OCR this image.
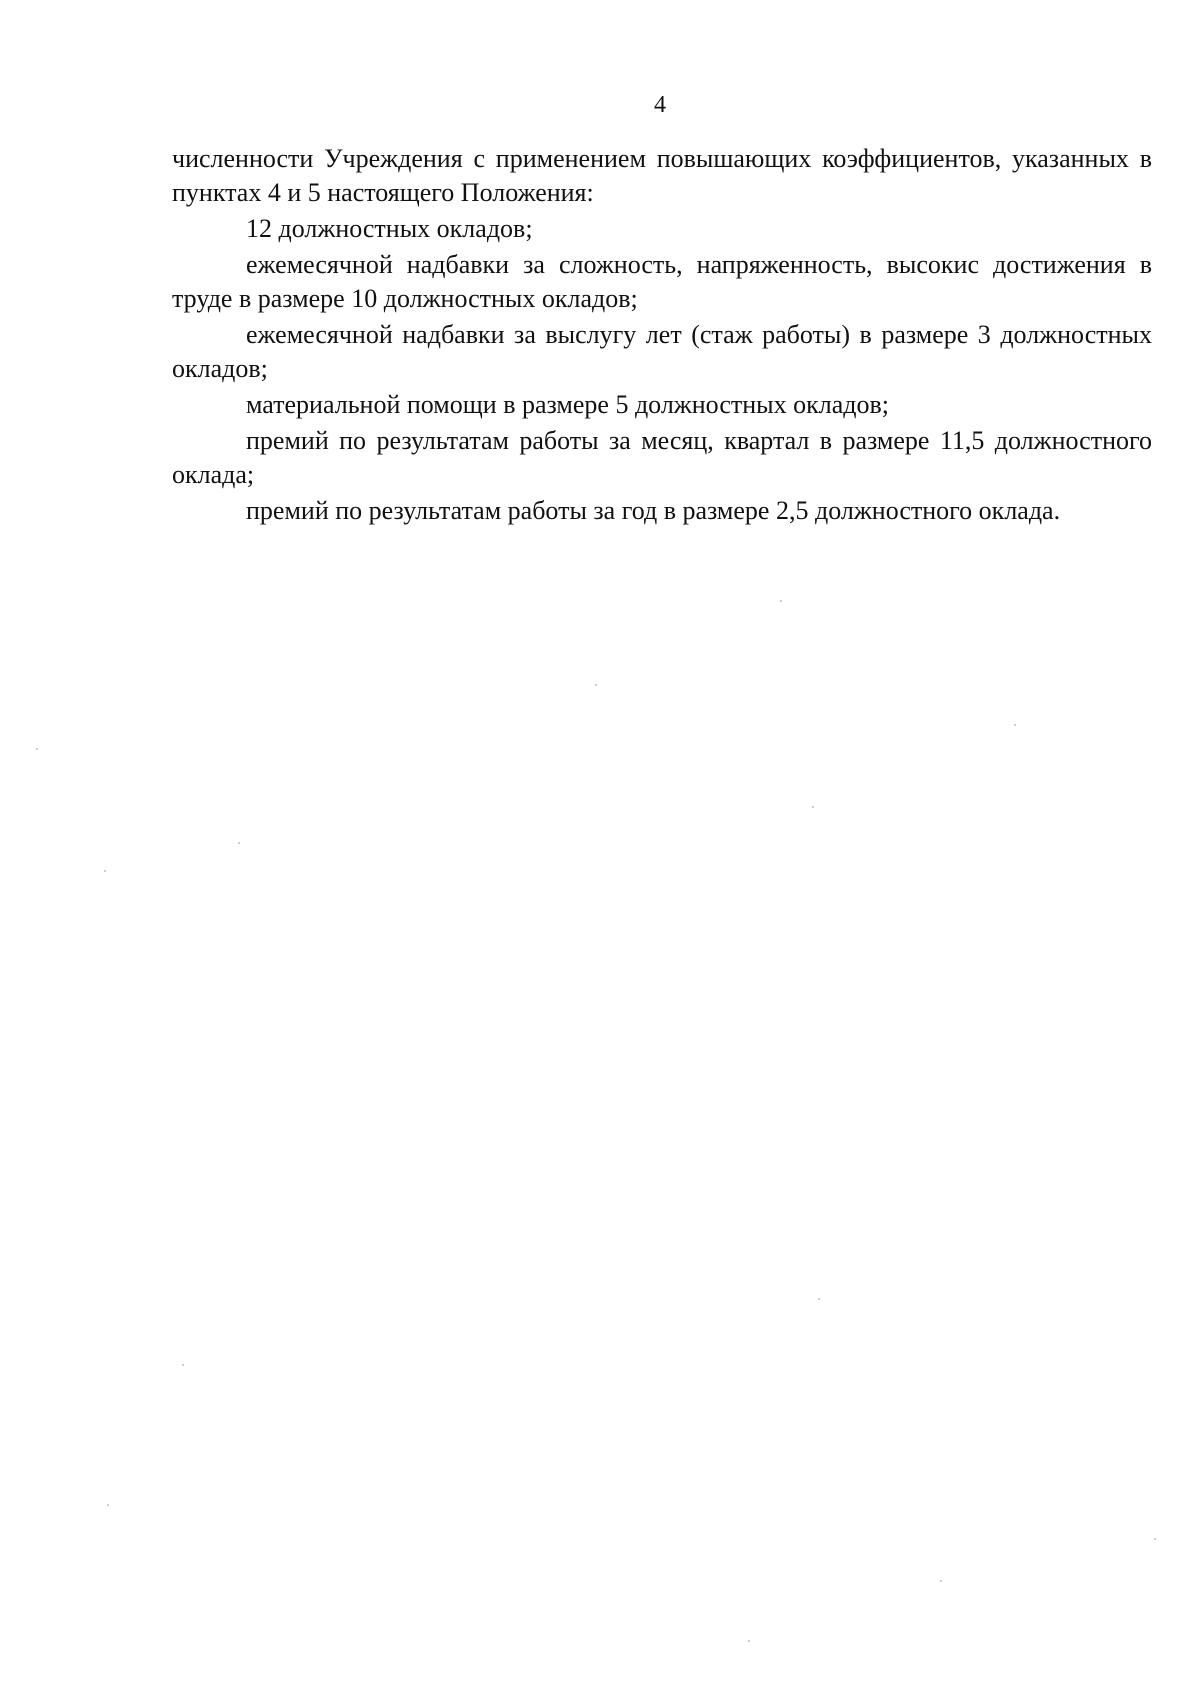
4

численности Учреждения с применением повышающих коэффициентов, указанных в пунктах 4 и 5 настоящего Положения:

12 должностных окладов;

ежемесячной надбавки за сложность, напряженность, высокис достижения в труде в размере 10 должностных окладов;

ежемесячной надбавки за выслугу лет (стаж работы) в размере 3 должностных окладов;

материальной помощи в размере 5 должностных окладов;

премий по результатам работы за месяц, квартал в размере 11,5 должностного оклада;

премий по результатам работы за год в размере 2,5 должностного оклада.
